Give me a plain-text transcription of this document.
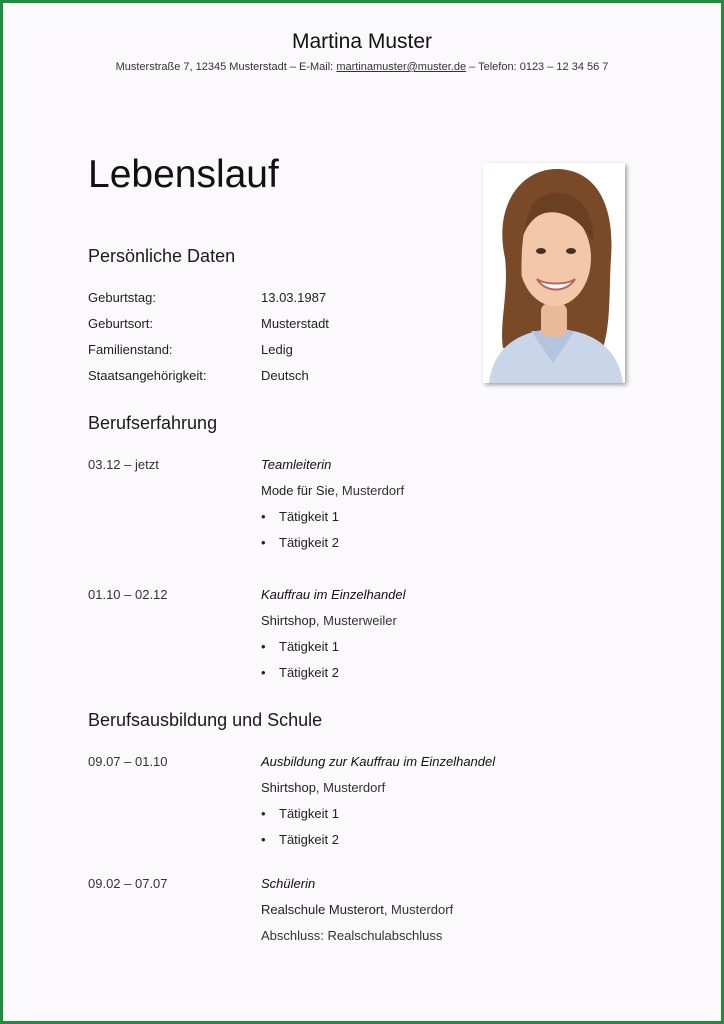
Martina Muster
Musterstraße 7, 12345 Musterstadt – E-Mail: martinamuster@muster.de – Telefon: 0123 – 12 34 56 7
Lebenslauf
Persönliche Daten
Geburtstag:	13.03.1987
Geburtsort:	Musterstadt
Familienstand:	Ledig
Staatsangehörigkeit:	Deutsch
Berufserfahrung
03.12 – jetzt	Teamleiterin
Mode für Sie, Musterdorf
• Tätigkeit 1
• Tätigkeit 2
01.10 – 02.12	Kauffrau im Einzelhandel
Shirtshop, Musterweiler
• Tätigkeit 1
• Tätigkeit 2
Berufsausbildung und Schule
09.07 – 01.10	Ausbildung zur Kauffrau im Einzelhandel
Shirtshop, Musterdorf
• Tätigkeit 1
• Tätigkeit 2
09.02 – 07.07	Schülerin
Realschule Musterort, Musterdorf
Abschluss: Realschulabschluss
